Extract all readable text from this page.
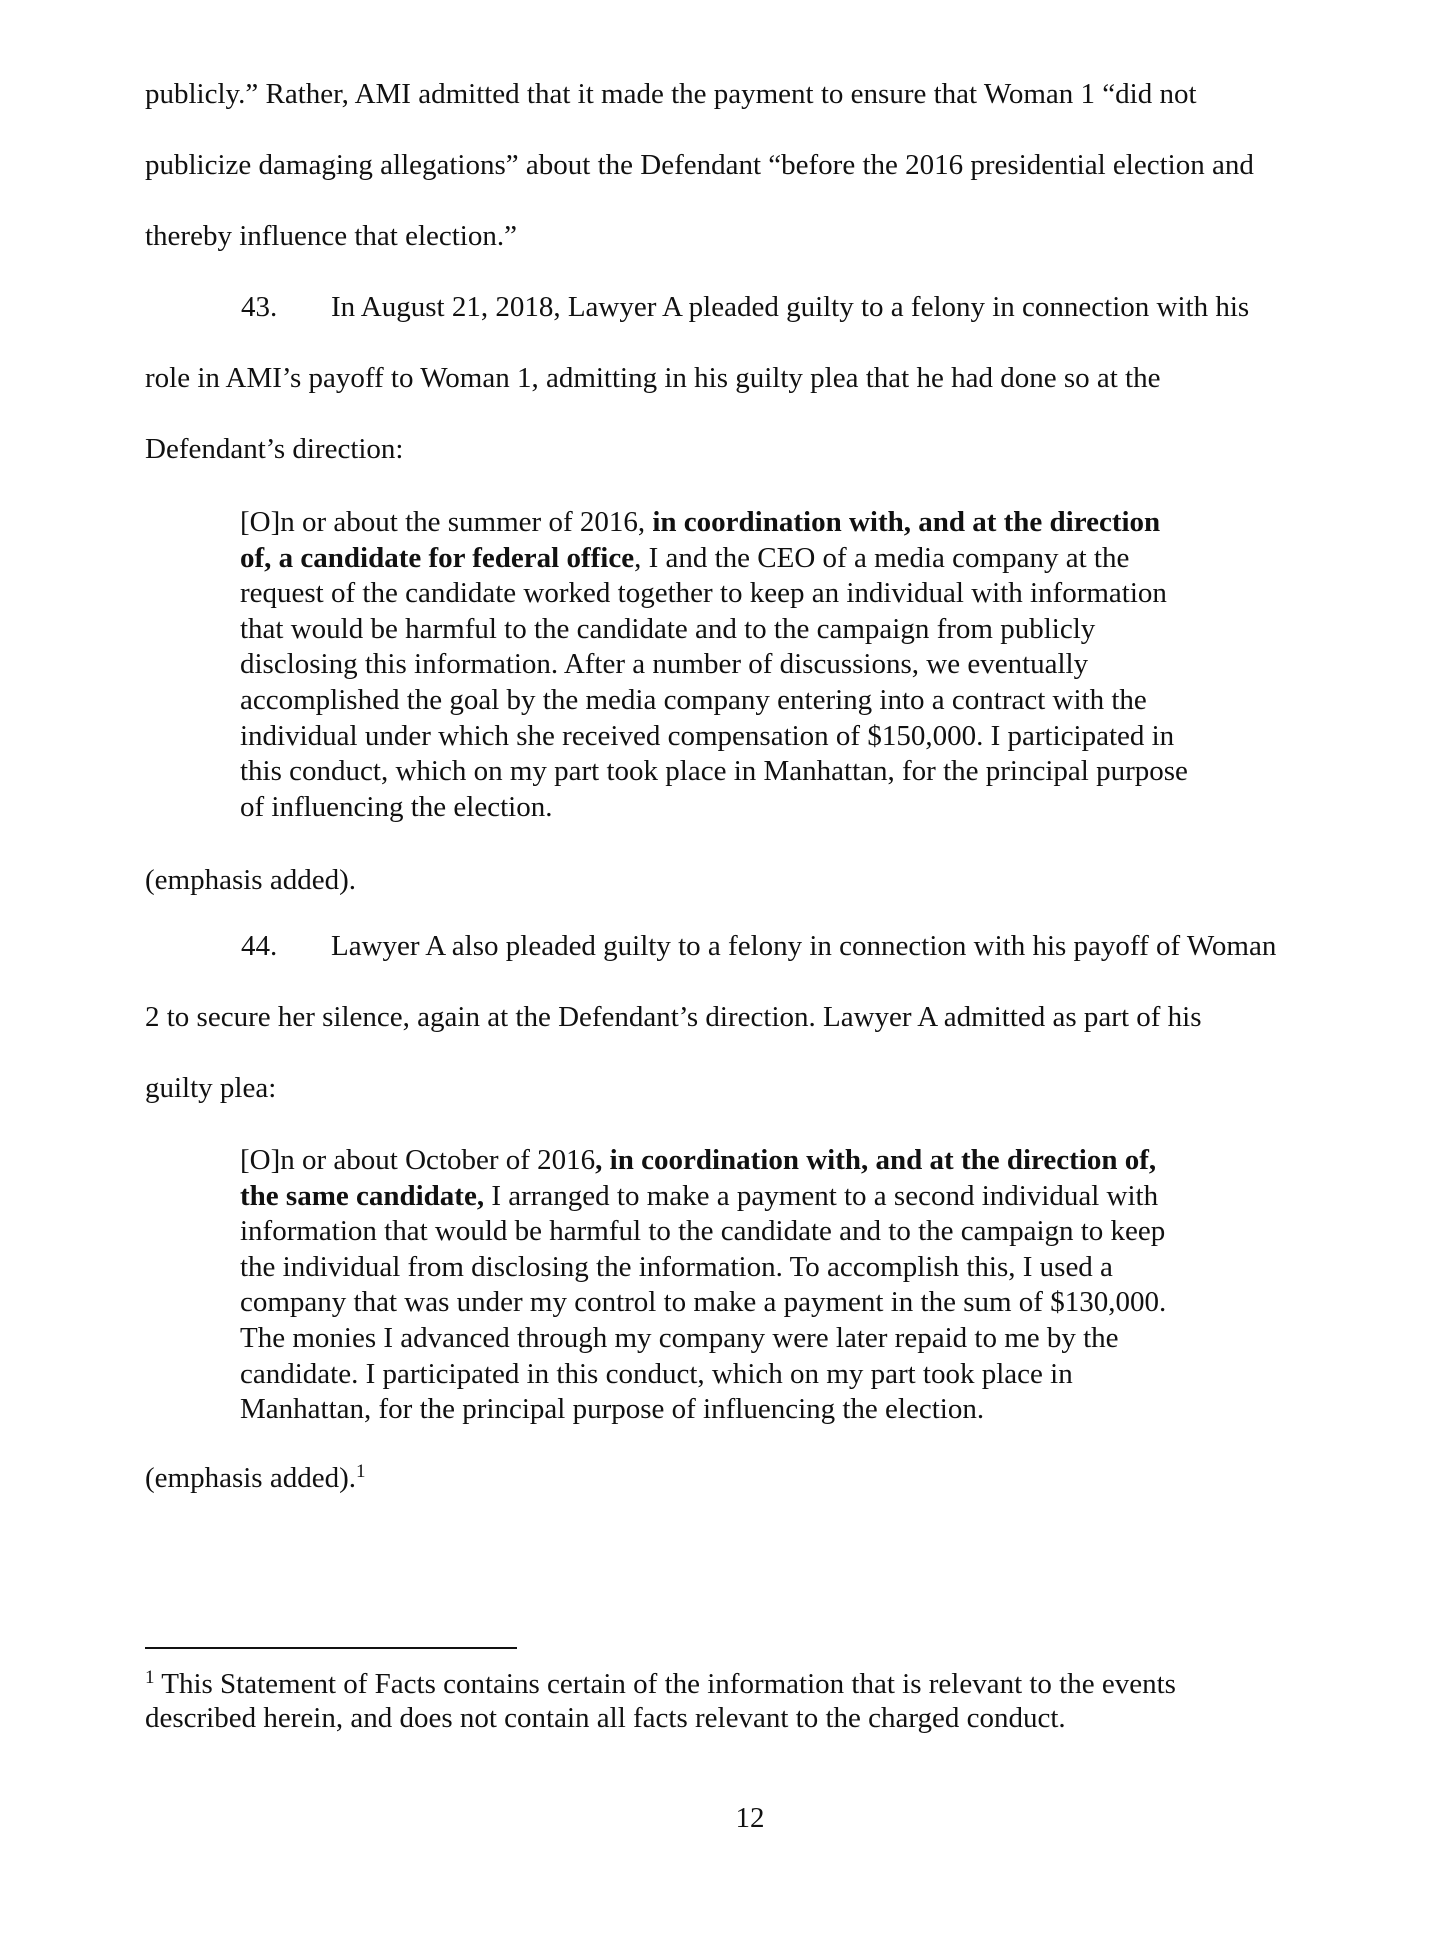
publicly.” Rather, AMI admitted that it made the payment to ensure that Woman 1 “did not
publicize damaging allegations” about the Defendant “before the 2016 presidential election and
thereby influence that election.”
43. In August 21, 2018, Lawyer A pleaded guilty to a felony in connection with his
role in AMI’s payoff to Woman 1, admitting in his guilty plea that he had done so at the
Defendant’s direction:
[O]n or about the summer of 2016, in coordination with, and at the direction
of, a candidate for federal office, I and the CEO of a media company at the
request of the candidate worked together to keep an individual with information
that would be harmful to the candidate and to the campaign from publicly
disclosing this information. After a number of discussions, we eventually
accomplished the goal by the media company entering into a contract with the
individual under which she received compensation of $150,000. I participated in
this conduct, which on my part took place in Manhattan, for the principal purpose
of influencing the election.
(emphasis added).
44. Lawyer A also pleaded guilty to a felony in connection with his payoff of Woman
2 to secure her silence, again at the Defendant’s direction. Lawyer A admitted as part of his
guilty plea:
[O]n or about October of 2016, in coordination with, and at the direction of,
the same candidate, I arranged to make a payment to a second individual with
information that would be harmful to the candidate and to the campaign to keep
the individual from disclosing the information. To accomplish this, I used a
company that was under my control to make a payment in the sum of $130,000.
The monies I advanced through my company were later repaid to me by the
candidate. I participated in this conduct, which on my part took place in
Manhattan, for the principal purpose of influencing the election.
(emphasis added).$^1$
$^1$ This Statement of Facts contains certain of the information that is relevant to the events
described herein, and does not contain all facts relevant to the charged conduct.
12
